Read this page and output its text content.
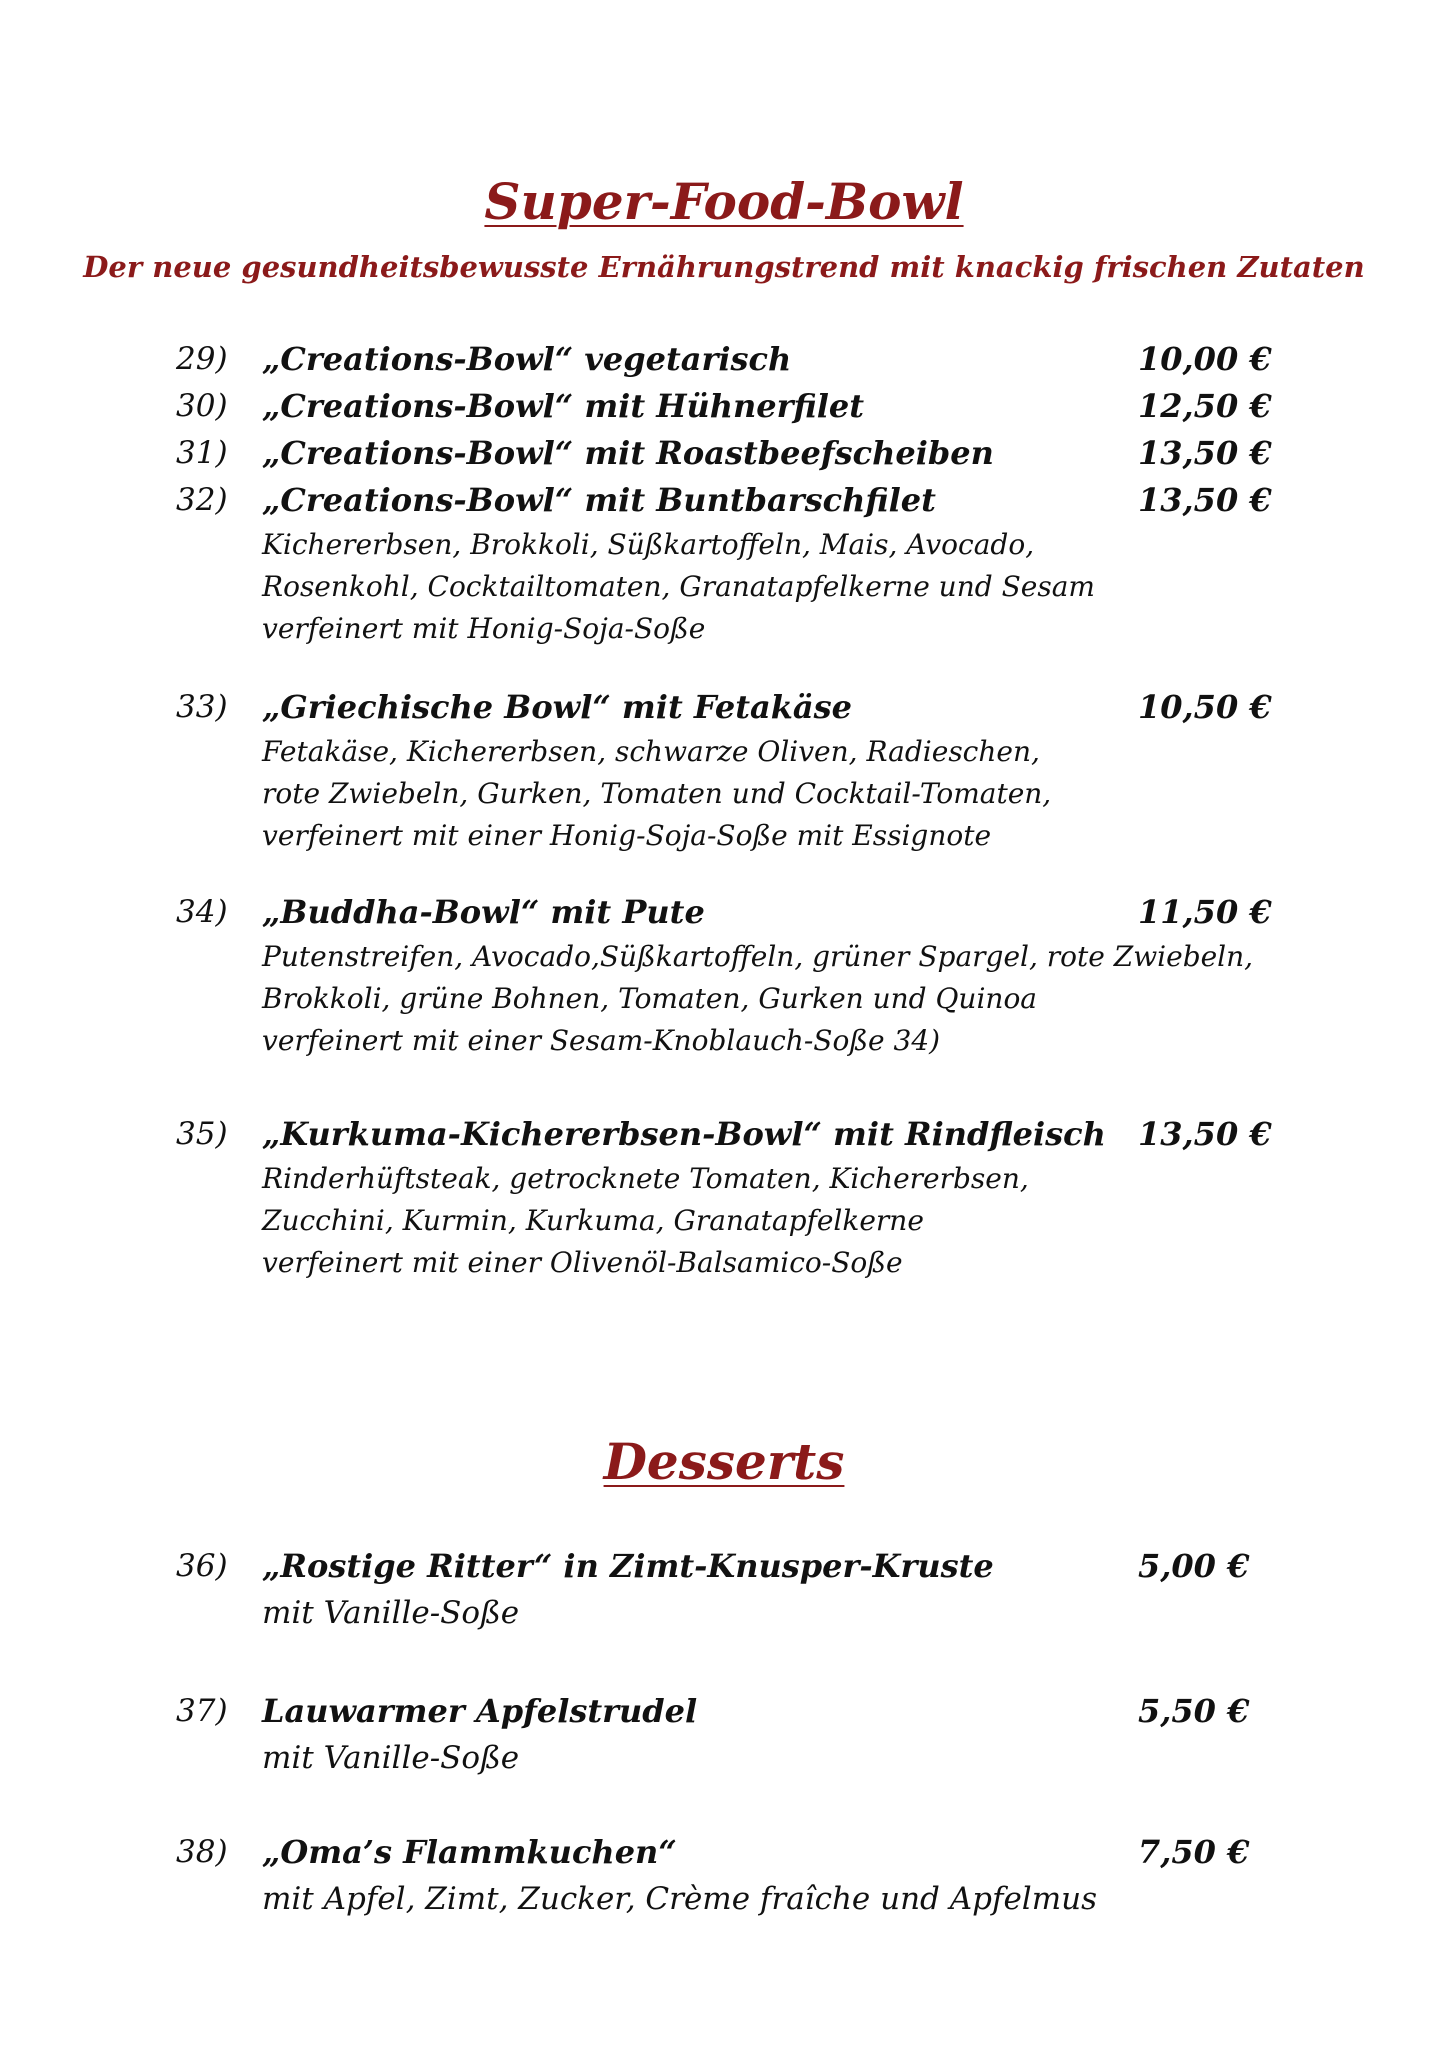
Super-Food-Bowl

Der neue gesundheitsbewusste Ernährungstrend mit knackig frischen Zutaten

29) „Creations-Bowl“ vegetarisch	10,00 €
30) „Creations-Bowl“ mit Hühnerfilet	12,50 €
31) „Creations-Bowl“ mit Roastbeefscheiben	13,50 €
32) „Creations-Bowl“ mit Buntbarschfilet	13,50 €
Kichererbsen, Brokkoli, Süßkartoffeln, Mais, Avocado,
Rosenkohl, Cocktailtomaten, Granatapfelkerne und Sesam
verfeinert mit Honig-Soja-Soße
33) „Griechische Bowl“ mit Fetakäse	10,50 €
Fetakäse, Kichererbsen, schwarze Oliven, Radieschen,
rote Zwiebeln, Gurken, Tomaten und Cocktail-Tomaten,
verfeinert mit einer Honig-Soja-Soße mit Essignote
34) „Buddha-Bowl“ mit Pute	11,50 €
Putenstreifen, Avocado,Süßkartoffeln, grüner Spargel, rote Zwiebeln,
Brokkoli, grüne Bohnen, Tomaten, Gurken und Quinoa
verfeinert mit einer Sesam-Knoblauch-Soße 34)
35) „Kurkuma-Kichererbsen-Bowl“ mit Rindfleisch 13,50 €
Rinderhüftsteak, getrocknete Tomaten, Kichererbsen,
Zucchini, Kurmin, Kurkuma, Granatapfelkerne
verfeinert mit einer Olivenöl-Balsamico-Soße
Desserts
36) „Rostige Ritter“ in Zimt-Knusper-Kruste	5,00 €
mit Vanille-Soße
37) Lauwarmer Apfelstrudel	5,50 €
mit Vanille-Soße
38) „Oma’s Flammkuchen“	7,50 €
mit Apfel, Zimt, Zucker, Crème fraîche und Apfelmus
